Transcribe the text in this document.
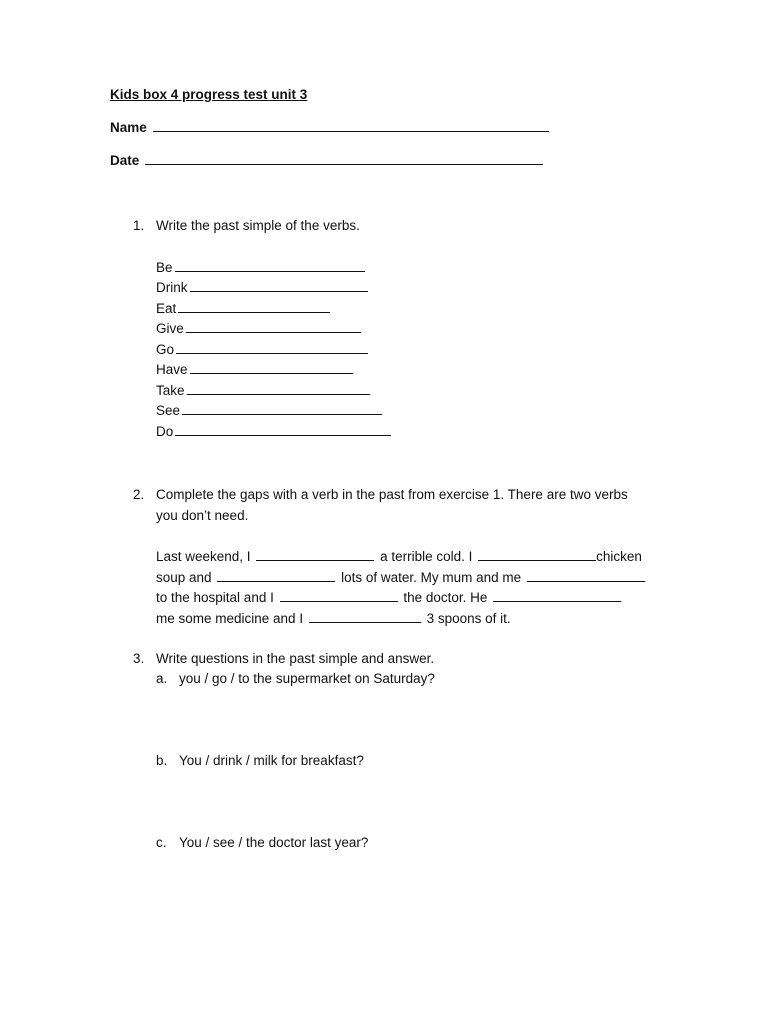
Kids box 4 progress test unit 3
Name
Date
1. Write the past simple of the verbs.
Be
Drink
Eat
Give
Go
Have
Take
See
Do
2. Complete the gaps with a verb in the past from exercise 1. There are two verbs
you don’t need.
Last weekend, I	a terrible cold. I	chicken
soup and	lots of water. My mum and me
to the hospital and I	the doctor. He
me some medicine and I	3 spoons of it.
3. Write questions in the past simple and answer.
a. you / go / to the supermarket on Saturday?
b. You / drink / milk for breakfast?
c. You / see / the doctor last year?
